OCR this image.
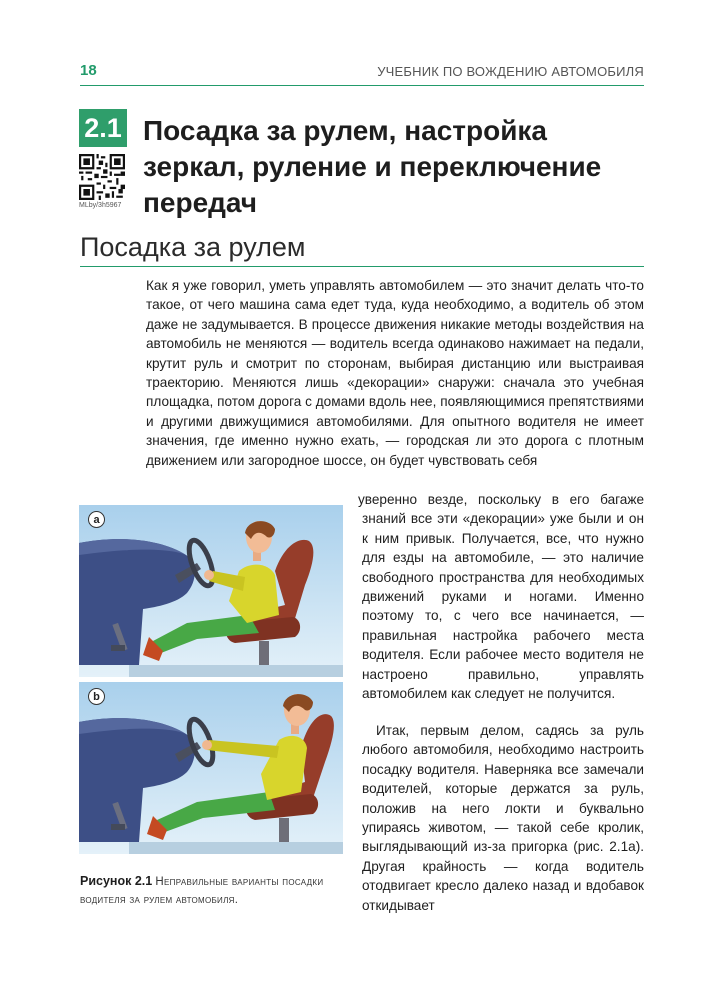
18	УЧЕБНИК ПО ВОЖДЕНИЮ АВТОМОБИЛЯ
2.1
MLby/3h5967
Посадка за рулем, настройка зеркал, руление и переключение передач
Посадка за рулем

Как я уже говорил, уметь управлять автомобилем — это значит делать что-то такое, от чего машина сама едет туда, куда необходимо, а водитель об этом даже не задумывается. В процессе движения никакие методы воздействия на автомобиль не меняются — водитель всегда одинаково нажимает на педали, крутит руль и смотрит по сторонам, выбирая дистанцию или выстраивая траекторию. Меняются лишь «декорации» снаружи: сначала это учебная площадка, потом дорога с домами вдоль нее, появляющимися препятствиями и другими движущимися автомобилями. Для опытного водителя не имеет значения, где именно нужно ехать, — городская ли это дорога с плотным движением или загородное шоссе, он будет чувствовать себя

уверенно везде, поскольку в его багаже знаний все эти «декорации» уже были и он к ним привык. Получается, все, что нужно для езды на автомобиле, — это наличие свободного пространства для необходимых движений руками и ногами. Именно поэтому то, с чего все начинается, — правильная настройка рабочего места водителя. Если рабочее место водителя не настроено правильно, управлять автомобилем как следует не получится.

Итак, первым делом, садясь за руль любого автомобиля, необходимо настроить посадку водителя. Наверняка все замечали водителей, которые держатся за руль, положив на него локти и буквально упираясь животом, — такой себе кролик, выглядывающий из-за пригорка (рис. 2.1а). Другая крайность — когда водитель отодвигает кресло далеко назад и вдобавок откидывает

a
b

Рисунок 2.1 Неправильные варианты посадки водителя за рулем автомобиля.
